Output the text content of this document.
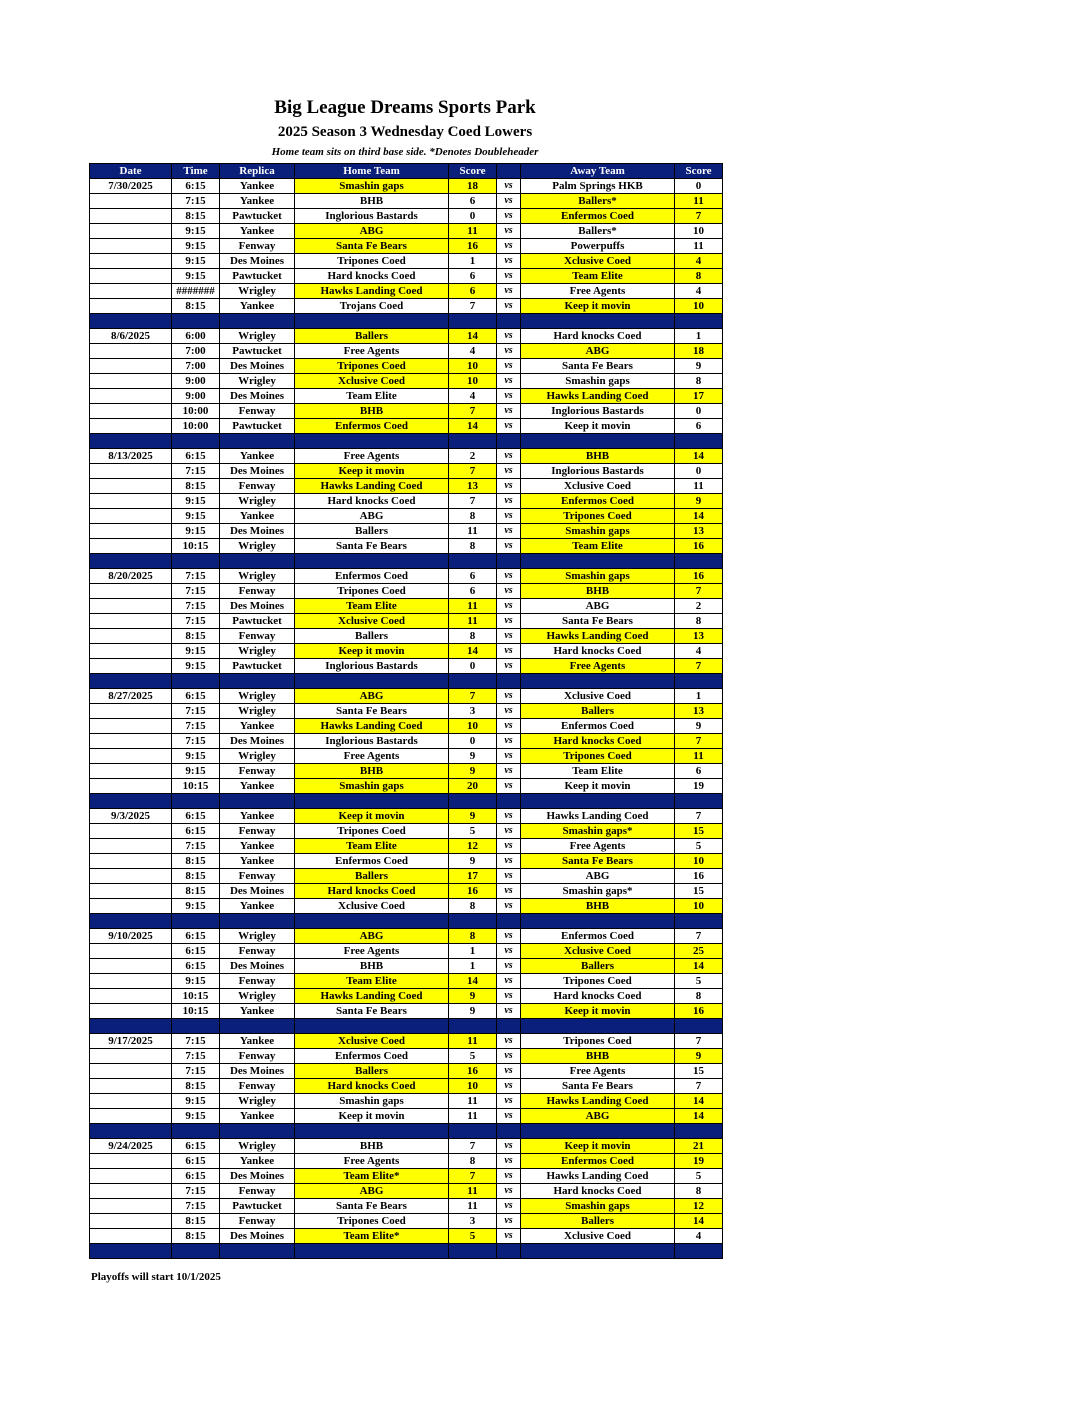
Big League Dreams Sports Park
2025 Season 3 Wednesday Coed Lowers
Home team sits on third base side. *Denotes Doubleheader
Date	Time	Replica	Home Team	Score		Away Team	Score
7/30/2025	6:15	Yankee	Smashin gaps	18	vs	Palm Springs HKB	0
	7:15	Yankee	BHB	6	vs	Ballers*	11
	8:15	Pawtucket	Inglorious Bastards	0	vs	Enfermos Coed	7
	9:15	Yankee	ABG	11	vs	Ballers*	10
	9:15	Fenway	Santa Fe Bears	16	vs	Powerpuffs	11
	9:15	Des Moines	Tripones Coed	1	vs	Xclusive Coed	4
	9:15	Pawtucket	Hard knocks Coed	6	vs	Team Elite	8
	#######	Wrigley	Hawks Landing Coed	6	vs	Free Agents	4
	8:15	Yankee	Trojans Coed	7	vs	Keep it movin	10

8/6/2025	6:00	Wrigley	Ballers	14	vs	Hard knocks Coed	1
	7:00	Pawtucket	Free Agents	4	vs	ABG	18
	7:00	Des Moines	Tripones Coed	10	vs	Santa Fe Bears	9
	9:00	Wrigley	Xclusive Coed	10	vs	Smashin gaps	8
	9:00	Des Moines	Team Elite	4	vs	Hawks Landing Coed	17
	10:00	Fenway	BHB	7	vs	Inglorious Bastards	0
	10:00	Pawtucket	Enfermos Coed	14	vs	Keep it movin	6

8/13/2025	6:15	Yankee	Free Agents	2	vs	BHB	14
	7:15	Des Moines	Keep it movin	7	vs	Inglorious Bastards	0
	8:15	Fenway	Hawks Landing Coed	13	vs	Xclusive Coed	11
	9:15	Wrigley	Hard knocks Coed	7	vs	Enfermos Coed	9
	9:15	Yankee	ABG	8	vs	Tripones Coed	14
	9:15	Des Moines	Ballers	11	vs	Smashin gaps	13
	10:15	Wrigley	Santa Fe Bears	8	vs	Team Elite	16

8/20/2025	7:15	Wrigley	Enfermos Coed	6	vs	Smashin gaps	16
	7:15	Fenway	Tripones Coed	6	vs	BHB	7
	7:15	Des Moines	Team Elite	11	vs	ABG	2
	7:15	Pawtucket	Xclusive Coed	11	vs	Santa Fe Bears	8
	8:15	Fenway	Ballers	8	vs	Hawks Landing Coed	13
	9:15	Wrigley	Keep it movin	14	vs	Hard knocks Coed	4
	9:15	Pawtucket	Inglorious Bastards	0	vs	Free Agents	7

8/27/2025	6:15	Wrigley	ABG	7	vs	Xclusive Coed	1
	7:15	Wrigley	Santa Fe Bears	3	vs	Ballers	13
	7:15	Yankee	Hawks Landing Coed	10	vs	Enfermos Coed	9
	7:15	Des Moines	Inglorious Bastards	0	vs	Hard knocks Coed	7
	9:15	Wrigley	Free Agents	9	vs	Tripones Coed	11
	9:15	Fenway	BHB	9	vs	Team Elite	6
	10:15	Yankee	Smashin gaps	20	vs	Keep it movin	19

9/3/2025	6:15	Yankee	Keep it movin	9	vs	Hawks Landing Coed	7
	6:15	Fenway	Tripones Coed	5	vs	Smashin gaps*	15
	7:15	Yankee	Team Elite	12	vs	Free Agents	5
	8:15	Yankee	Enfermos Coed	9	vs	Santa Fe Bears	10
	8:15	Fenway	Ballers	17	vs	ABG	16
	8:15	Des Moines	Hard knocks Coed	16	vs	Smashin gaps*	15
	9:15	Yankee	Xclusive Coed	8	vs	BHB	10

9/10/2025	6:15	Wrigley	ABG	8	vs	Enfermos Coed	7
	6:15	Fenway	Free Agents	1	vs	Xclusive Coed	25
	6:15	Des Moines	BHB	1	vs	Ballers	14
	9:15	Fenway	Team Elite	14	vs	Tripones Coed	5
	10:15	Wrigley	Hawks Landing Coed	9	vs	Hard knocks Coed	8
	10:15	Yankee	Santa Fe Bears	9	vs	Keep it movin	16

9/17/2025	7:15	Yankee	Xclusive Coed	11	vs	Tripones Coed	7
	7:15	Fenway	Enfermos Coed	5	vs	BHB	9
	7:15	Des Moines	Ballers	16	vs	Free Agents	15
	8:15	Fenway	Hard knocks Coed	10	vs	Santa Fe Bears	7
	9:15	Wrigley	Smashin gaps	11	vs	Hawks Landing Coed	14
	9:15	Yankee	Keep it movin	11	vs	ABG	14

9/24/2025	6:15	Wrigley	BHB	7	vs	Keep it movin	21
	6:15	Yankee	Free Agents	8	vs	Enfermos Coed	19
	6:15	Des Moines	Team Elite*	7	vs	Hawks Landing Coed	5
	7:15	Fenway	ABG	11	vs	Hard knocks Coed	8
	7:15	Pawtucket	Santa Fe Bears	11	vs	Smashin gaps	12
	8:15	Fenway	Tripones Coed	3	vs	Ballers	14
	8:15	Des Moines	Team Elite*	5	vs	Xclusive Coed	4

Playoffs will start 10/1/2025
